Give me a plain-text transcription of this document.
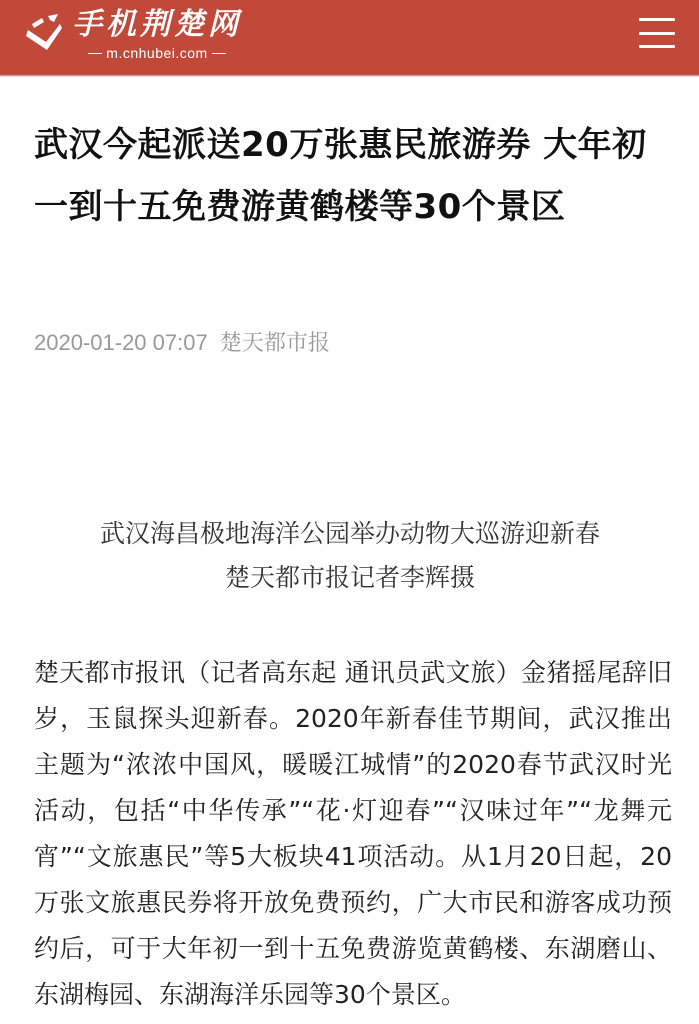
手机荆楚网
m.cnhubei.com
武汉今起派送20万张惠民旅游券 大年初一到十五免费游黄鹤楼等30个景区
2020-01-20 07:07 楚天都市报
武汉海昌极地海洋公园举办动物大巡游迎新春
楚天都市报记者李辉摄

楚天都市报讯（记者高东起 通讯员武文旅）金猪摇尾辞旧岁，玉鼠探头迎新春。2020年新春佳节期间，武汉推出主题为“浓浓中国风，暖暖江城情”的2020春节武汉时光活动，包括“中华传承”“花·灯迎春”“汉味过年”“龙舞元宵”“文旅惠民”等5大板块41项活动。从1月20日起，20万张文旅惠民券将开放免费预约，广大市民和游客成功预约后，可于大年初一到十五免费游览黄鹤楼、东湖磨山、东湖梅园、东湖海洋乐园等30个景区。
